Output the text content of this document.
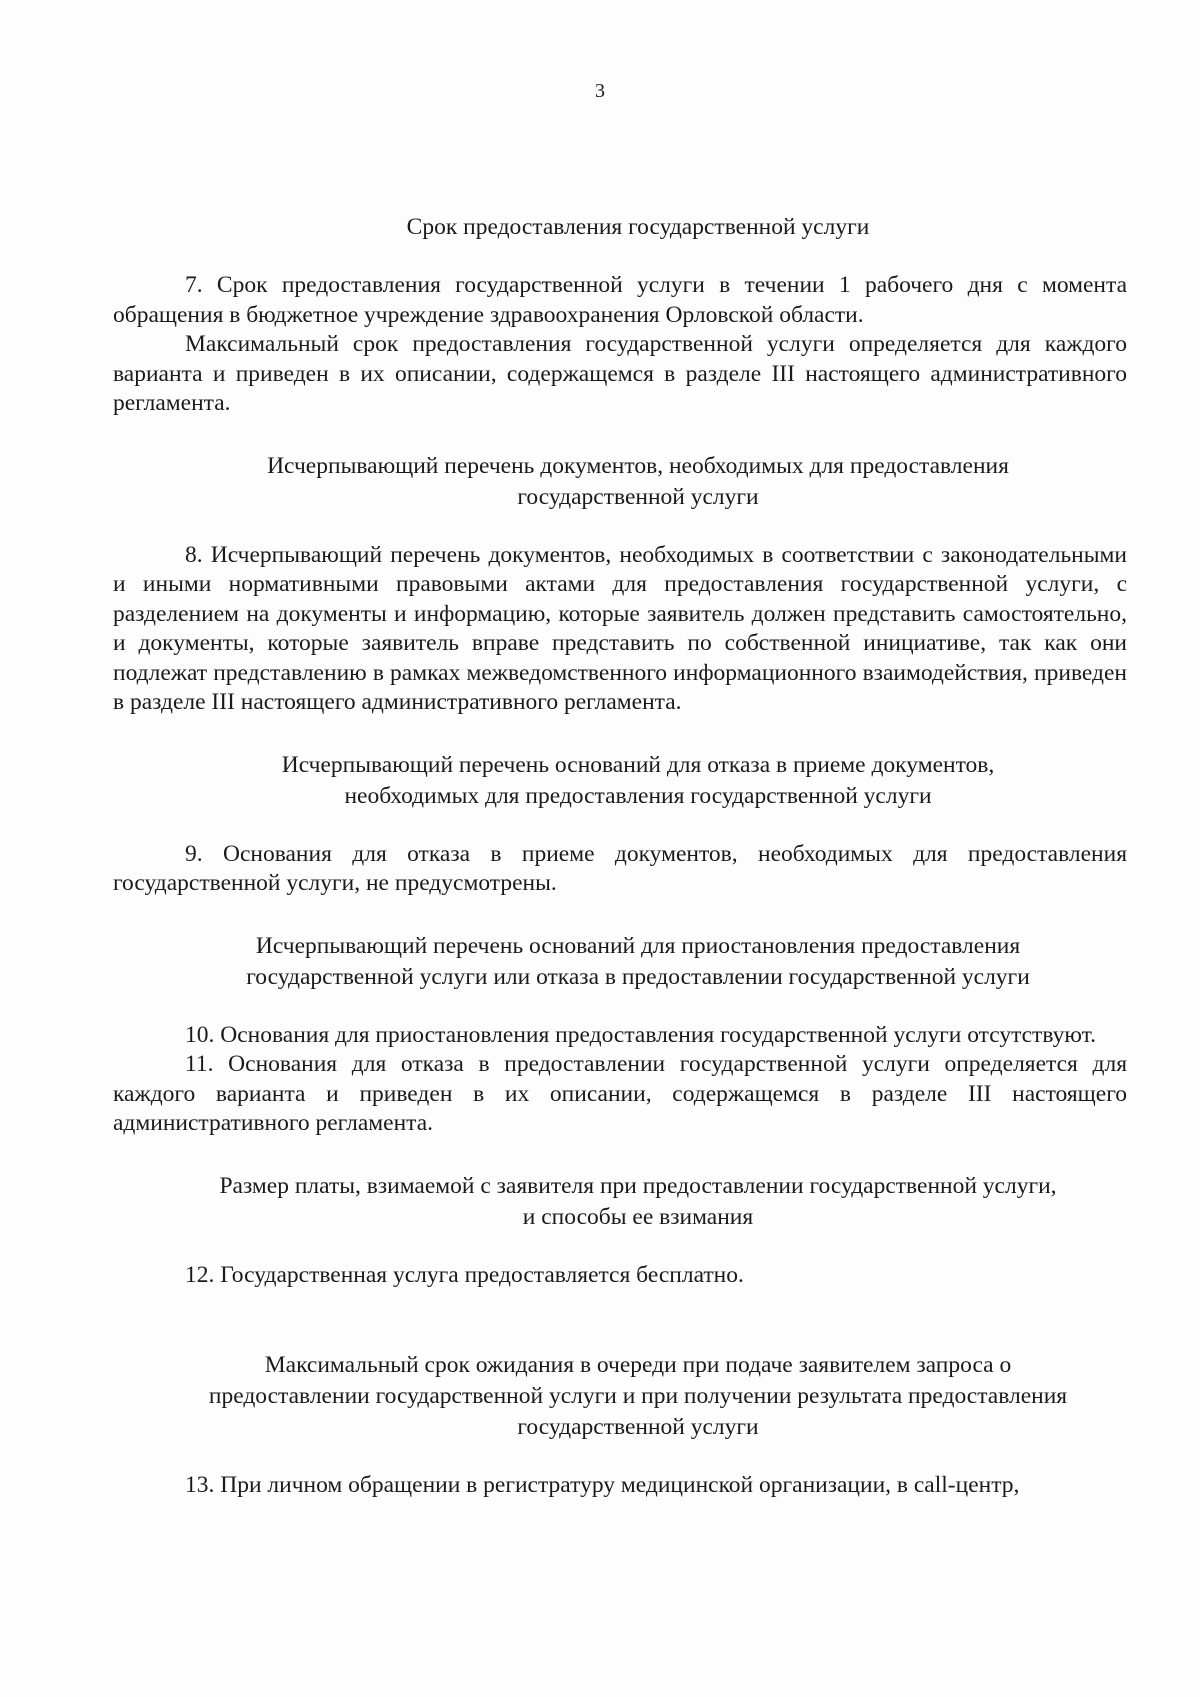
3

Срок предоставления государственной услуги

7. Срок предоставления государственной услуги в течении 1 рабочего дня с момента обращения в бюджетное учреждение здравоохранения Орловской области.

Максимальный срок предоставления государственной услуги определяется для каждого варианта и приведен в их описании, содержащемся в разделе III настоящего административного регламента.

Исчерпывающий перечень документов, необходимых для предоставления

государственной услуги

8. Исчерпывающий перечень документов, необходимых в соответствии с законодательными и иными нормативными правовыми актами для предоставления государственной услуги, с разделением на документы и информацию, которые заявитель должен представить самостоятельно, и документы, которые заявитель вправе представить по собственной инициативе, так как они подлежат представлению в рамках межведомственного информационного взаимодействия, приведен в разделе III настоящего административного регламента.

Исчерпывающий перечень оснований для отказа в приеме документов,

необходимых для предоставления государственной услуги

9. Основания для отказа в приеме документов, необходимых для предоставления государственной услуги, не предусмотрены.

Исчерпывающий перечень оснований для приостановления предоставления

государственной услуги или отказа в предоставлении государственной услуги

10. Основания для приостановления предоставления государственной услуги отсутствуют.

11. Основания для отказа в предоставлении государственной услуги определяется для каждого варианта и приведен в их описании, содержащемся в разделе III настоящего административного регламента.

Размер платы, взимаемой с заявителя при предоставлении государственной услуги,

и способы ее взимания

12. Государственная услуга предоставляется бесплатно.

Максимальный срок ожидания в очереди при подаче заявителем запроса о

предоставлении государственной услуги и при получении результата предоставления

государственной услуги

13. При личном обращении в регистратуру медицинской организации, в call-центр,
